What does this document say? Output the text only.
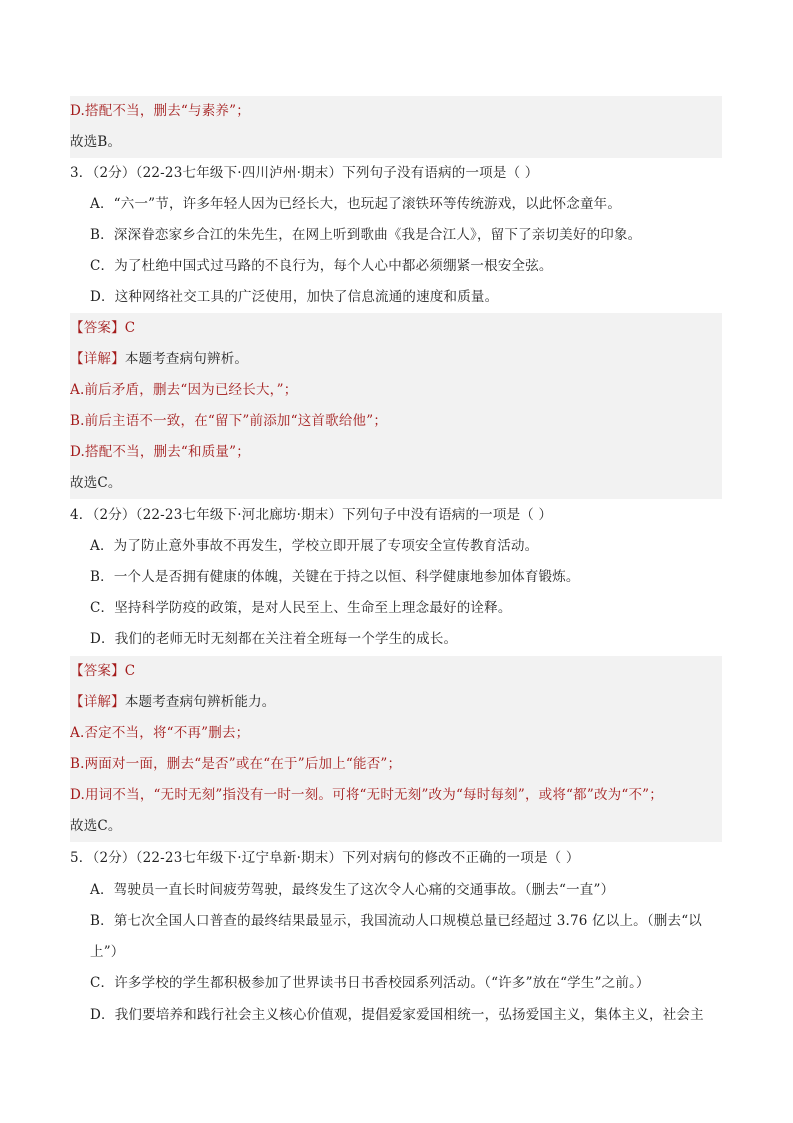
D.搭配不当，删去“与素养”；
故选B。
3．（2分）（22-23七年级下·四川泸州·期末）下列句子没有语病的一项是（ ）
A．“六一”节，许多年轻人因为已经长大，也玩起了滚铁环等传统游戏，以此怀念童年。
B．深深眷恋家乡合江的朱先生，在网上听到歌曲《我是合江人》，留下了亲切美好的印象。
C．为了杜绝中国式过马路的不良行为，每个人心中都必须绷紧一根安全弦。
D．这种网络社交工具的广泛使用，加快了信息流通的速度和质量。
【答案】C
【详解】本题考查病句辨析。
A.前后矛盾，删去“因为已经长大，”；
B.前后主语不一致，在“留下”前添加“这首歌给他”；
D.搭配不当，删去“和质量”；
故选C。
4．（2分）（22-23七年级下·河北廊坊·期末）下列句子中没有语病的一项是（ ）
A．为了防止意外事故不再发生，学校立即开展了专项安全宣传教育活动。
B．一个人是否拥有健康的体魄，关键在于持之以恒、科学健康地参加体育锻炼。
C．坚持科学防疫的政策，是对人民至上、生命至上理念最好的诠释。
D．我们的老师无时无刻都在关注着全班每一个学生的成长。
【答案】C
【详解】本题考查病句辨析能力。
A.否定不当，将“不再”删去；
B.两面对一面，删去“是否”或在“在于”后加上“能否”；
D.用词不当，“无时无刻”指没有一时一刻。可将“无时无刻”改为“每时每刻”，或将“都”改为“不”；
故选C。
5．（2分）（22-23七年级下·辽宁阜新·期末）下列对病句的修改不正确的一项是（ ）
A．驾驶员一直长时间疲劳驾驶，最终发生了这次令人心痛的交通事故。（删去“一直”）
B．第七次全国人口普查的最终结果最显示，我国流动人口规模总量已经超过 3.76 亿以上。（删去“以
上”）
C．许多学校的学生都积极参加了世界读书日书香校园系列活动。（“许多”放在“学生”之前。）
D．我们要培养和践行社会主义核心价值观，提倡爱家爱国相统一，弘扬爱国主义，集体主义，社会主
